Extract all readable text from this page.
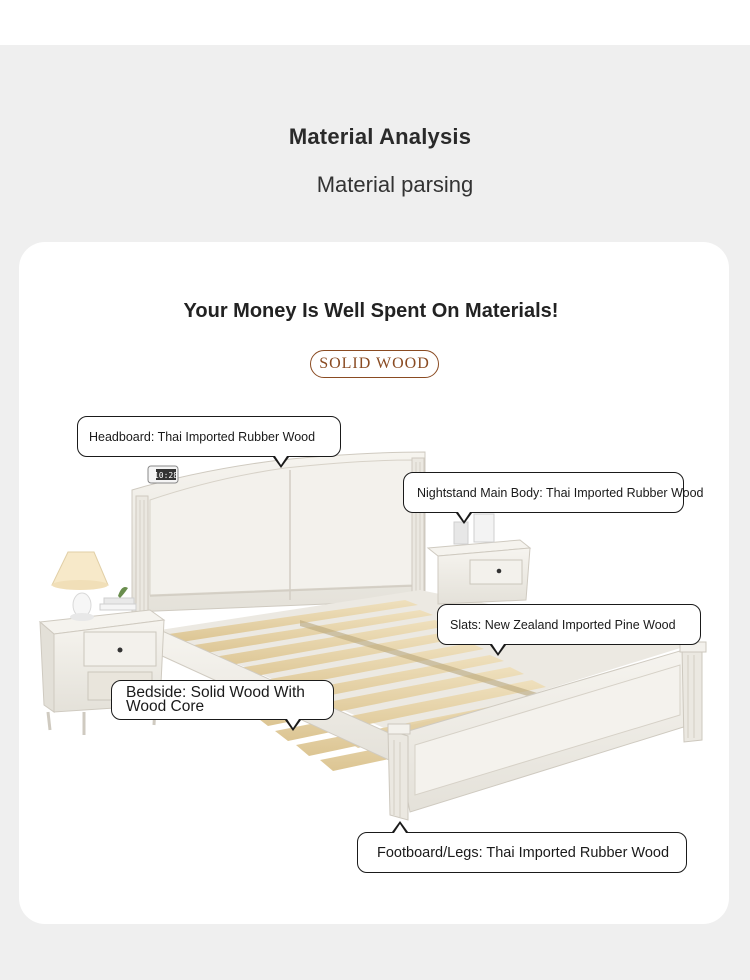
Material Analysis
Material parsing
Your Money Is Well Spent On Materials!
SOLID WOOD
10:28
Headboard: Thai Imported Rubber Wood
Nightstand Main Body: Thai Imported Rubber Wood
Slats: New Zealand Imported Pine Wood
Bedside: Solid Wood With Wood Core
Footboard/Legs: Thai Imported Rubber Wood
